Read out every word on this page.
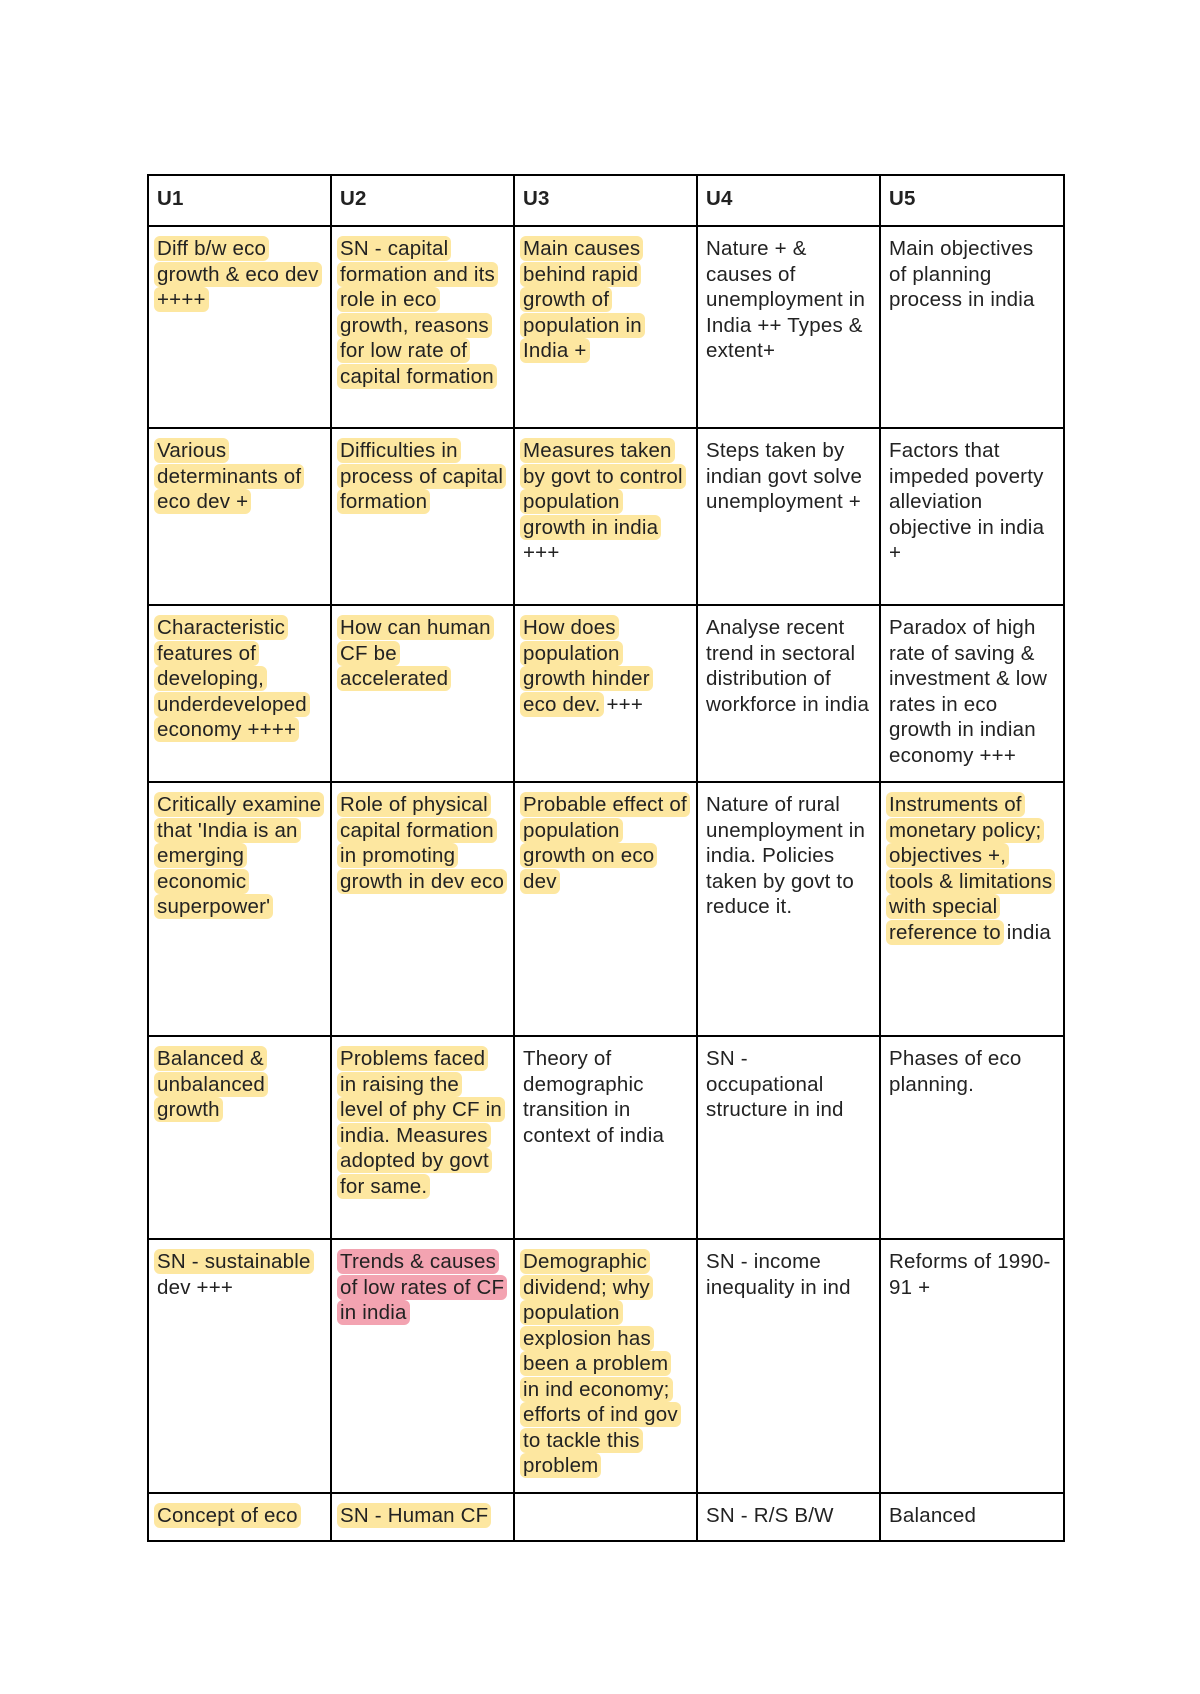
U1	U2	U3	U4	U5
Diff b/w eco growth & eco dev ++++	SN - capital formation and its role in eco growth, reasons for low rate of capital formation	Main causes behind rapid growth of population in India +	Nature + & causes of unemployment in India ++ Types & extent+	Main objectives of planning process in india
Various determinants of eco dev +	Difficulties in process of capital formation	Measures taken by govt to control population growth in india +++	Steps taken by indian govt solve unemployment +	Factors that impeded poverty alleviation objective in india +
Characteristic features of developing, underdeveloped economy ++++	How can human CF be accelerated	How does population growth hinder eco dev. +++	Analyse recent trend in sectoral distribution of workforce in india	Paradox of high rate of saving & investment & low rates in eco growth in indian economy +++
Critically examine that 'India is an emerging economic superpower'	Role of physical capital formation in promoting growth in dev eco	Probable effect of population growth on eco dev	Nature of rural unemployment in india. Policies taken by govt to reduce it.	Instruments of monetary policy; objectives +, tools & limitations with special reference to india
Balanced & unbalanced growth	Problems faced in raising the level of phy CF in india. Measures adopted by govt for same.	Theory of demographic transition in context of india	SN - occupational structure in ind	Phases of eco planning.
SN - sustainable dev +++	Trends & causes of low rates of CF in india	Demographic dividend; why population explosion has been a problem in ind economy; efforts of ind gov to tackle this problem	SN - income inequality in ind	Reforms of 1990-91 +
Concept of eco	SN - Human CF		SN - R/S B/W	Balanced
